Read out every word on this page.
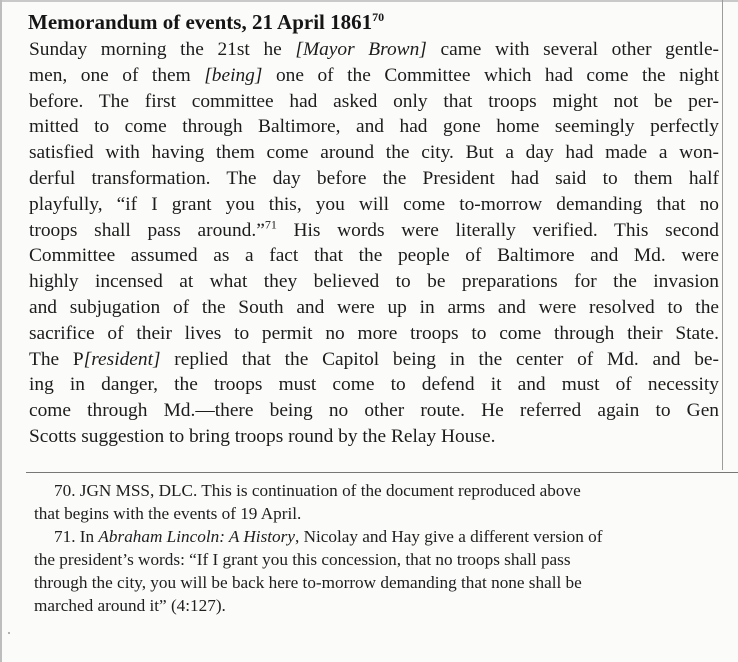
Memorandum of events, 21 April 1861$^{70}$
Sunday morning the 21st he [Mayor Brown] came with several other gentle-
men, one of them [being] one of the Committee which had come the night
before. The first committee had asked only that troops might not be per-
mitted to come through Baltimore, and had gone home seemingly perfectly
satisfied with having them come around the city. But a day had made a won-
derful transformation. The day before the President had said to them half
playfully, “if I grant you this, you will come to-morrow demanding that no
troops shall pass around.”$^{71}$ His words were literally verified. This second
Committee assumed as a fact that the people of Baltimore and Md. were
highly incensed at what they believed to be preparations for the invasion
and subjugation of the South and were up in arms and were resolved to the
sacrifice of their lives to permit no more troops to come through their State.
The P[resident] replied that the Capitol being in the center of Md. and be-
ing in danger, the troops must come to defend it and must of necessity
come through Md.—there being no other route. He referred again to Gen
Scotts suggestion to bring troops round by the Relay House.
70. JGN MSS, DLC. This is continuation of the document reproduced above
that begins with the events of 19 April.
71. In Abraham Lincoln: A History, Nicolay and Hay give a different version of
the president’s words: “If I grant you this concession, that no troops shall pass
through the city, you will be back here to-morrow demanding that none shall be
marched around it” (4:127).
